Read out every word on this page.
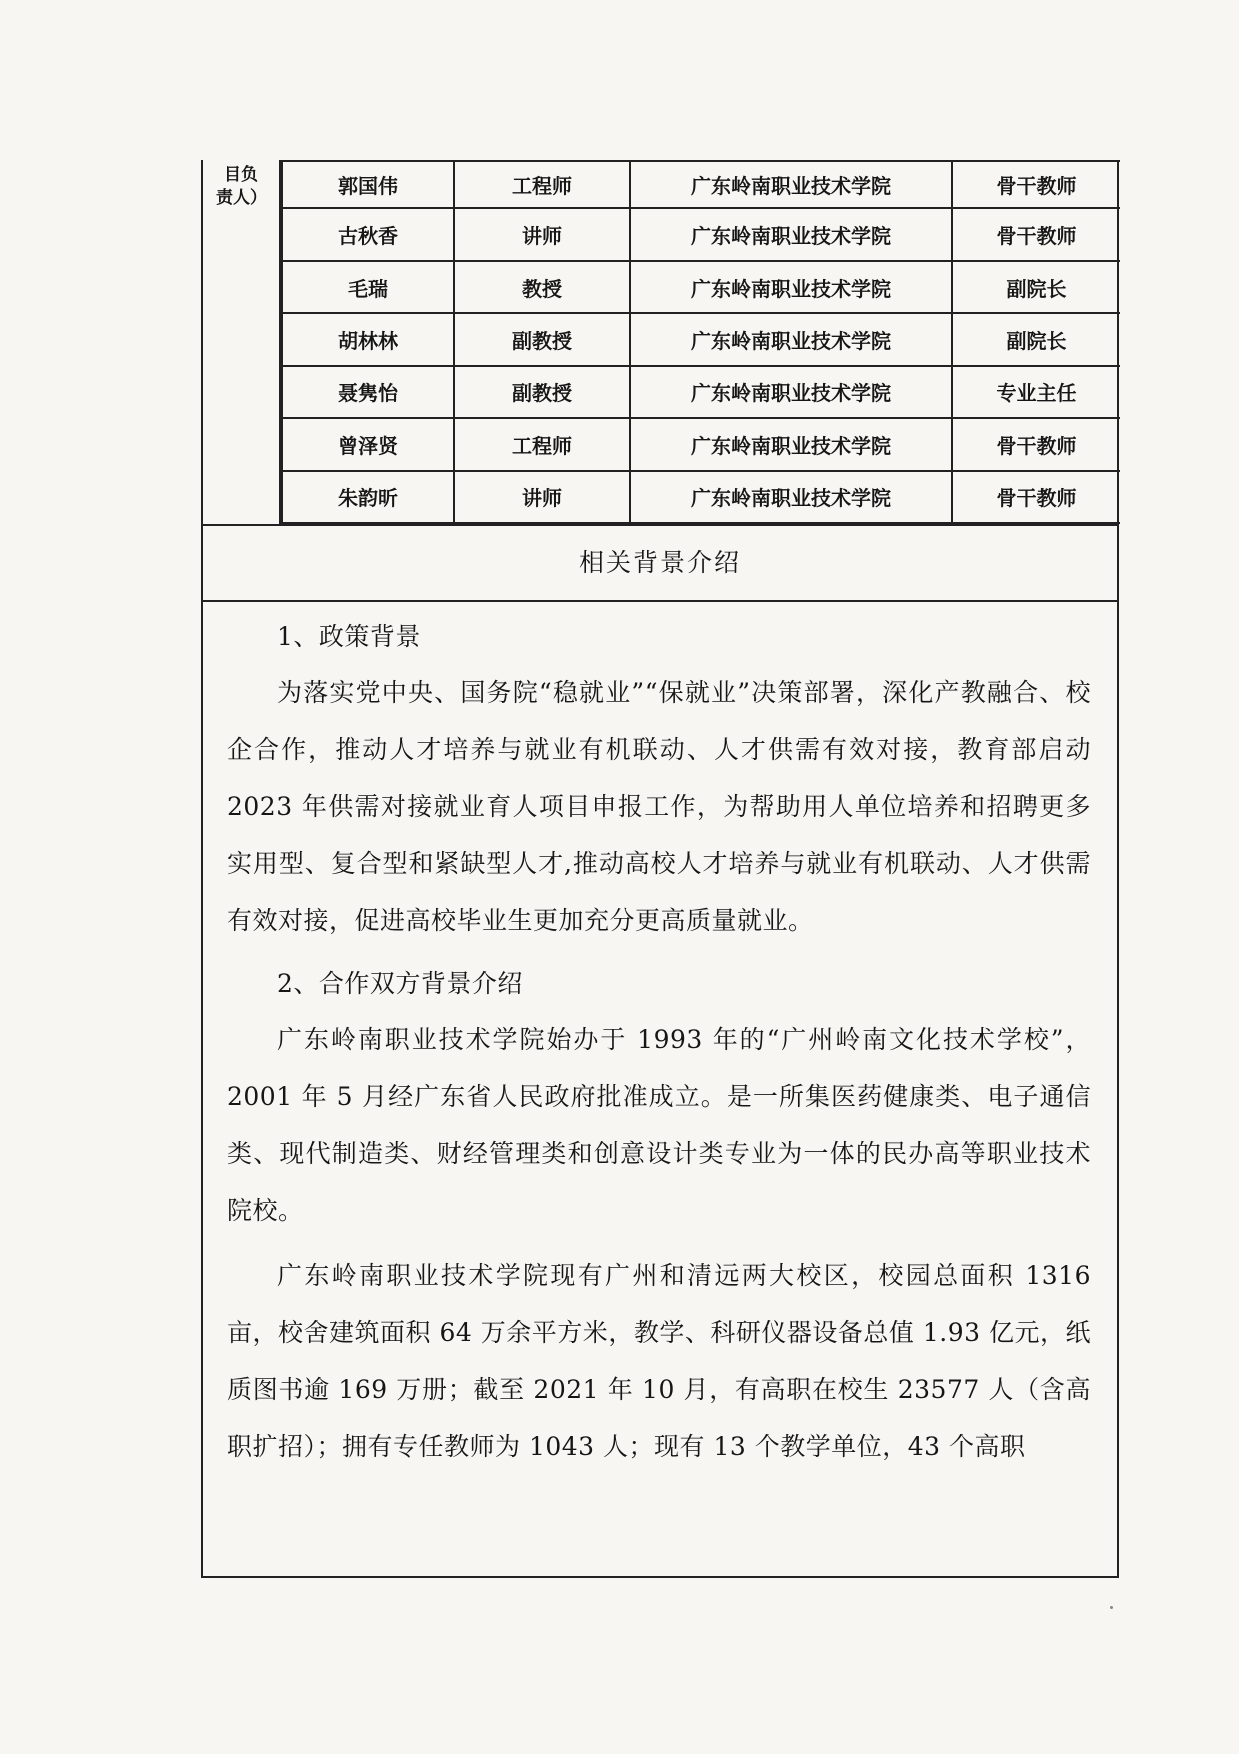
目负
责人）	郭国伟	工程师	广东岭南职业技术学院	骨干教师
古秋香	讲师	广东岭南职业技术学院	骨干教师
毛瑞	教授	广东岭南职业技术学院	副院长
胡林林	副教授	广东岭南职业技术学院	副院长
聂隽怡	副教授	广东岭南职业技术学院	专业主任
曾泽贤	工程师	广东岭南职业技术学院	骨干教师
朱韵昕	讲师	广东岭南职业技术学院	骨干教师
相关背景介绍

1、政策背景

为落实党中央、国务院“稳就业”“保就业”决策部署，深化产教融合、校企合作，推动人才培养与就业有机联动、人才供需有效对接，教育部启动 2023 年供需对接就业育人项目申报工作，为帮助用人单位培养和招聘更多实用型、复合型和紧缺型人才,推动高校人才培养与就业有机联动、人才供需有效对接，促进高校毕业生更加充分更高质量就业。

2、合作双方背景介绍

广东岭南职业技术学院始办于 1993 年的“广州岭南文化技术学校”，2001 年 5 月经广东省人民政府批准成立。是一所集医药健康类、电子通信类、现代制造类、财经管理类和创意设计类专业为一体的民办高等职业技术院校。

广东岭南职业技术学院现有广州和清远两大校区，校园总面积 1316 亩，校舍建筑面积 64 万余平方米，教学、科研仪器设备总值 1.93 亿元，纸质图书逾 169 万册；截至 2021 年 10 月，有高职在校生 23577 人（含高职扩招）；拥有专任教师为 1043 人；现有 13 个教学单位，43 个高职
